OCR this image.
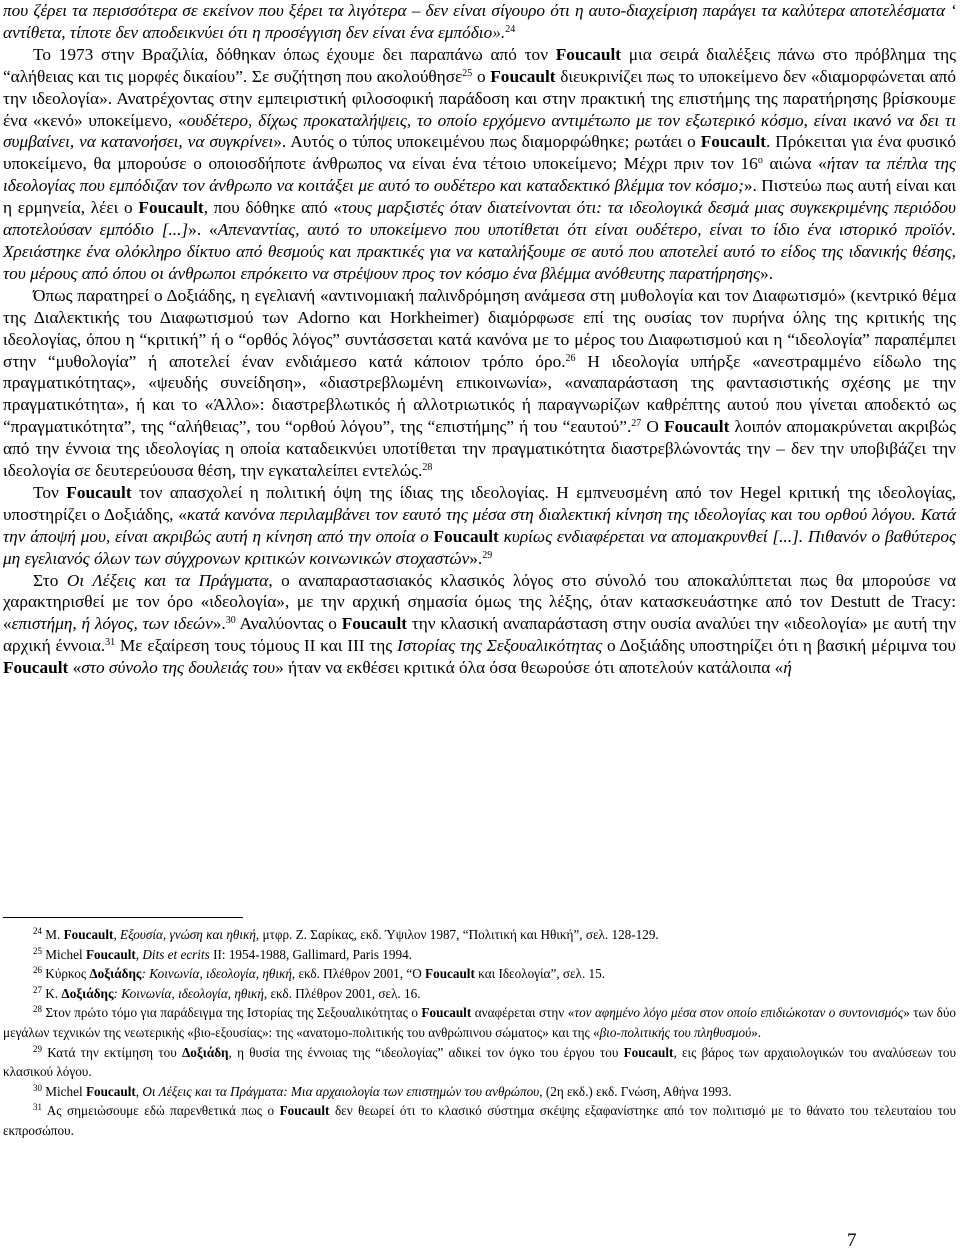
που ζέρει τα περισσότερα σε εκείνον που ξέρει τα λιγότερα – δεν είναι σίγουρο ότι η αυτο-διαχείριση παράγει τα καλύτερα αποτελέσματα ‘ αντίθετα, τίποτε δεν αποδεικνύει ότι η προσέγγιση δεν είναι ένα εμπόδιο».$^{24}$

Το 1973 στην Βραζιλία, δόθηκαν όπως έχουμε δει παραπάνω από τον Foucault μια σειρά διαλέξεις πάνω στο πρόβλημα της “αλήθειας και τις μορφές δικαίου”. Σε συζήτηση που ακολούθησε$^{25}$ ο Foucault διευκρινίζει πως το υποκείμενο δεν «διαμορφώνεται από την ιδεολογία». Ανατρέχοντας στην εμπειριστική φιλοσοφική παράδοση και στην πρακτική της επιστήμης της παρατήρησης βρίσκουμε ένα «κενό» υποκείμενο, «ουδέτερο, δίχως προκαταλήψεις, το οποίο ερχόμενο αντιμέτωπο με τον εξωτερικό κόσμο, είναι ικανό να δει τι συμβαίνει, να κατανοήσει, να συγκρίνει». Αυτός ο τύπος υποκειμένου πως διαμορφώθηκε; ρωτάει ο Foucault. Πρόκειται για ένα φυσικό υποκείμενο, θα μπορούσε ο οποιοσδήποτε άνθρωπος να είναι ένα τέτοιο υποκείμενο; Μέχρι πριν τον $16^o$ αιώνα «ήταν τα πέπλα της ιδεολογίας που εμπόδιζαν τον άνθρωπο να κοιτάξει με αυτό το ουδέτερο και καταδεκτικό βλέμμα τον κόσμο;». Πιστεύω πως αυτή είναι και η ερμηνεία, λέει ο Foucault, που δόθηκε από «τους μαρξιστές όταν διατείνονται ότι: τα ιδεολογικά δεσμά μιας συγκεκριμένης περιόδου αποτελούσαν εμπόδιο [...]». «Απεναντίας, αυτό το υποκείμενο που υποτίθεται ότι είναι ουδέτερο, είναι το ίδιο ένα ιστορικό προϊόν. Χρειάστηκε ένα ολόκληρο δίκτυο από θεσμούς και πρακτικές για να καταλήξουμε σε αυτό που αποτελεί αυτό το είδος της ιδανικής θέσης, του μέρους από όπου οι άνθρωποι επρόκειτο να στρέψουν προς τον κόσμο ένα βλέμμα ανόθευτης παρατήρησης».

Όπως παρατηρεί ο Δοξιάδης, η εγελιανή «αντινομιακή παλινδρόμηση ανάμεσα στη μυθολογία και τον Διαφωτισμό» (κεντρικό θέμα της Διαλεκτικής του Διαφωτισμού των Adorno και Horkheimer) διαμόρφωσε επί της ουσίας τον πυρήνα όλης της κριτικής της ιδεολογίας, όπου η “κριτική” ή ο “ορθός λόγος” συντάσσεται κατά κανόνα με το μέρος του Διαφωτισμού και η “ιδεολογία” παραπέμπει στην “μυθολογία” ή αποτελεί έναν ενδιάμεσο κατά κάποιον τρόπο όρο.$^{26}$ Η ιδεολογία υπήρξε «ανεστραμμένο είδωλο της πραγματικότητας», «ψευδής συνείδηση», «διαστρεβλωμένη επικοινωνία», «αναπαράσταση της φαντασιστικής σχέσης με την πραγματικότητα», ή και το «Άλλο»: διαστρεβλωτικός ή αλλοτριωτικός ή παραγνωρίζων καθρέπτης αυτού που γίνεται αποδεκτό ως “πραγματικότητα”, της “αλήθειας”, του “ορθού λόγου”, της “επιστήμης” ή του “εαυτού”.$^{27}$ Ο Foucault λοιπόν απομακρύνεται ακριβώς από την έννοια της ιδεολογίας η οποία καταδεικνύει υποτίθεται την πραγματικότητα διαστρεβλώνοντάς την – δεν την υποβιβάζει την ιδεολογία σε δευτερεύουσα θέση, την εγκαταλείπει εντελώς.$^{28}$

Τον Foucault τον απασχολεί η πολιτική όψη της ίδιας της ιδεολογίας. Η εμπνευσμένη από τον Hegel κριτική της ιδεολογίας, υποστηρίζει ο Δοξιάδης, «κατά κανόνα περιλαμβάνει τον εαυτό της μέσα στη διαλεκτική κίνηση της ιδεολογίας και του ορθού λόγου. Κατά την άποψή μου, είναι ακριβώς αυτή η κίνηση από την οποία ο Foucault κυρίως ενδιαφέρεται να απομακρυνθεί [...]. Πιθανόν ο βαθύτερος μη εγελιανός όλων των σύγχρονων κριτικών κοινωνικών στοχαστών».$^{29}$

Στο Οι Λέξεις και τα Πράγματα, ο αναπαραστασιακός κλασικός λόγος στο σύνολό του αποκαλύπτεται πως θα μπορούσε να χαρακτηρισθεί με τον όρο «ιδεολογία», με την αρχική σημασία όμως της λέξης, όταν κατασκευάστηκε από τον Destutt de Tracy: «επιστήμη, ή λόγος, των ιδεών».$^{30}$ Αναλύοντας ο Foucault την κλασική αναπαράσταση στην ουσία αναλύει την «ιδεολογία» με αυτή την αρχική έννοια.$^{31}$ Με εξαίρεση τους τόμους ΙΙ και ΙΙΙ της Ιστορίας της Σεξουαλικότητας ο Δοξιάδης υποστηρίζει ότι η βασική μέριμνα του Foucault «στο σύνολο της δουλειάς του» ήταν να εκθέσει κριτικά όλα όσα θεωρούσε ότι αποτελούν κατάλοιπα «ή

$^{24}$ Μ. Foucault, Εξουσία, γνώση και ηθική, μτφρ. Ζ. Σαρίκας, εκδ. Ύψιλον 1987, “Πολιτική και Ηθική”, σελ. 128-129.

$^{25}$ Michel Foucault, Dits et ecrits II: 1954-1988, Gallimard, Paris 1994.

$^{26}$ Κύρκος Δοξιάδης: Κοινωνία, ιδεολογία, ηθική, εκδ. Πλέθρον 2001, “Ο Foucault και Ιδεολογία”, σελ. 15.

$^{27}$ Κ. Δοξιάδης: Κοινωνία, ιδεολογία, ηθική, εκδ. Πλέθρον 2001, σελ. 16.

$^{28}$ Στον πρώτο τόμο για παράδειγμα της Ιστορίας της Σεξουαλικότητας ο Foucault αναφέρεται στην «τον αφημένο λόγο μέσα στον οποίο επιδιώκοταν ο συντονισμός» των δύο μεγάλων τεχνικών της νεωτερικής «βιο-εξουσίας»: της «ανατομο-πολιτικής του ανθρώπινου σώματος» και της «βιο-πολιτικής του πληθυσμού».

$^{29}$ Κατά την εκτίμηση του Δοξιάδη, η θυσία της έννοιας της “ιδεολογίας” αδικεί τον όγκο του έργου του Foucault, εις βάρος των αρχαιολογικών του αναλύσεων του κλασικού λόγου.

$^{30}$ Michel Foucault, Οι Λέξεις και τα Πράγματα: Μια αρχαιολογία των επιστημών του ανθρώπου, (2η εκδ.) εκδ. Γνώση, Αθήνα 1993.

$^{31}$ Ας σημειώσουμε εδώ παρενθετικά πως ο Foucault δεν θεωρεί ότι το κλασικό σύστημα σκέψης εξαφανίστηκε από τον πολιτισμό με το θάνατο του τελευταίου του εκπροσώπου.

7
